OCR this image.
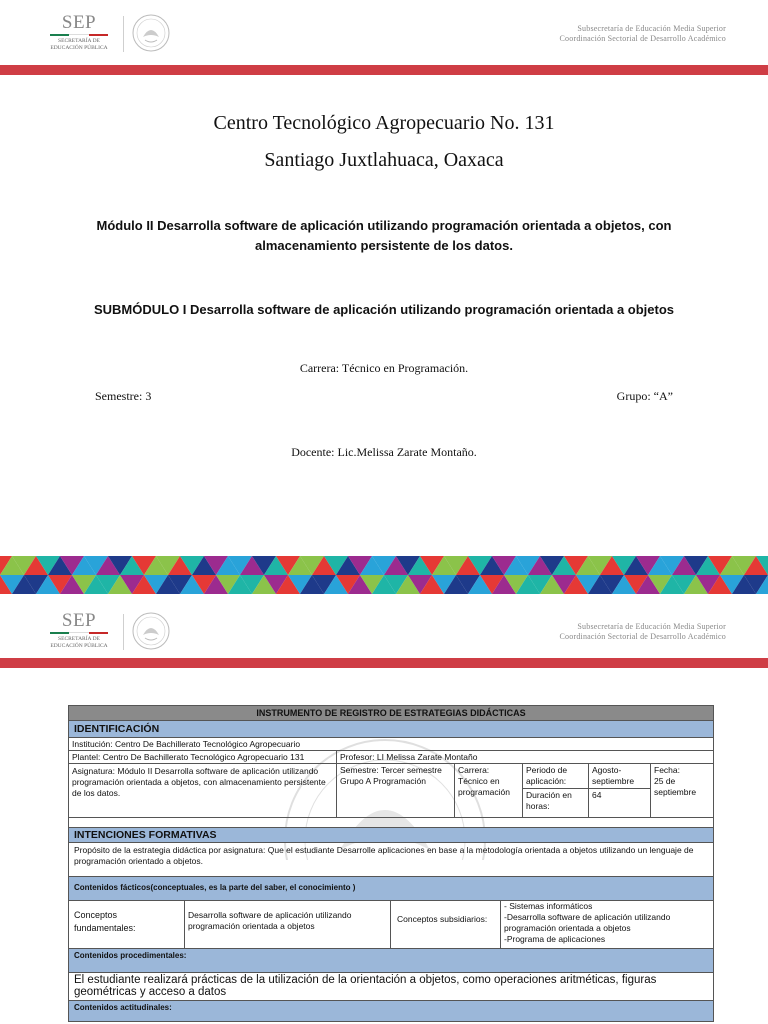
SEP
SECRETARÍA DE
EDUCACIÓN PÚBLICA
Subsecretaría de Educación Media Superior
Coordinación Sectorial de Desarrollo Académico
Centro Tecnológico Agropecuario No. 131
Santiago Juxtlahuaca, Oaxaca
Módulo II Desarrolla software de aplicación utilizando programación orientada a objetos, con
almacenamiento persistente de los datos.
SUBMÓDULO I Desarrolla software de aplicación utilizando programación orientada a objetos
Carrera: Técnico en Programación.
Semestre: 3	Grupo: “A”
Docente: Lic.Melissa Zarate Montaño.
SEP
SECRETARÍA DE
EDUCACIÓN PÚBLICA
Subsecretaría de Educación Media Superior
Coordinación Sectorial de Desarrollo Académico
INSTRUMENTO DE REGISTRO DE ESTRATEGIAS DIDÁCTICAS
IDENTIFICACIÓN
Institución: Centro De Bachillerato Tecnológico Agropecuario
Plantel: Centro De Bachillerato Tecnológico Agropecuario 131	Profesor: LI Melissa Zarate Montaño
Asignatura: Módulo II Desarrolla software de aplicación utilizando programación orientada a objetos, con almacenamiento persistente de los datos.
Semestre: Tercer semestre Grupo A Programación
Carrera: Técnico en programación
Periodo de aplicación:
Duración en horas:
Agosto-septiembre
64
Fecha:
25 de septiembre
INTENCIONES FORMATIVAS
Propósito de la estrategia didáctica por asignatura: Que el estudiante Desarrolle aplicaciones en base a la metodología orientada a objetos utilizando un lenguaje de programación orientado a objetos.
Contenidos fácticos(conceptuales, es la parte del saber, el conocimiento )
Conceptos fundamentales:
Desarrolla software de aplicación utilizando programación orientada a objetos
Conceptos subsidiarios:
- Sistemas informáticos
-Desarrolla software de aplicación utilizando programación orientada a objetos
-Programa de aplicaciones
Contenidos procedimentales:
El estudiante realizará prácticas de la utilización de la orientación a objetos, como operaciones aritméticas, figuras geométricas y acceso a datos
Contenidos actitudinales:
